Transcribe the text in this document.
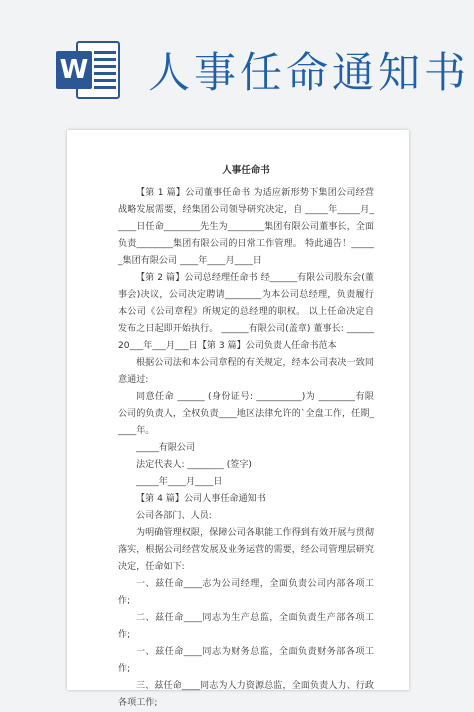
W 人事任命通知书
人事任命书

【第 1 篇】公司董事任命书 为适应新形势下集团公司经营战略发展需要，经集团公司领导研究决定，自 _____年_____月_____日任命________先生为________集团有限公司董事长，全面负责________集团有限公司的日常工作管理。 特此通告！______集团有限公司 ____年____月____日

【第 2 篇】公司总经理任命书 经______有限公司股东会(董事会)决议，公司决定聘请________为本公司总经理，负责履行本公司《公司章程》所规定的总经理的职权。 以上任命决定自发布之日起即开始执行。 ______有限公司(盖章) 董事长: ______ 20___年___月___日【第 3 篇】公司负责人任命书范本

根据公司法和本公司章程的有关规定，经本公司表决一致同意通过:

同意任命 ______ (身份证号: __________)为 ________有限公司的负责人，全权负责____地区法律允许的`全盘工作，任期_____年。

_____有限公司

法定代表人: ________ (签字)

_____年____月____日

【第 4 篇】公司人事任命通知书

公司各部门、人员:

为明确管理权限，保障公司各职能工作得到有效开展与贯彻落实，根据公司经营发展及业务运营的需要，经公司管理层研究决定，任命如下:

一、兹任命____志为公司经理，全面负责公司内部各项工作;

二、兹任命____同志为生产总监，全面负责生产部各项工作;

一、兹任命____同志为财务总监，全面负责财务部各项工作;

三、兹任命____同志为人力资源总监，全面负责人力、行政各项工作;
